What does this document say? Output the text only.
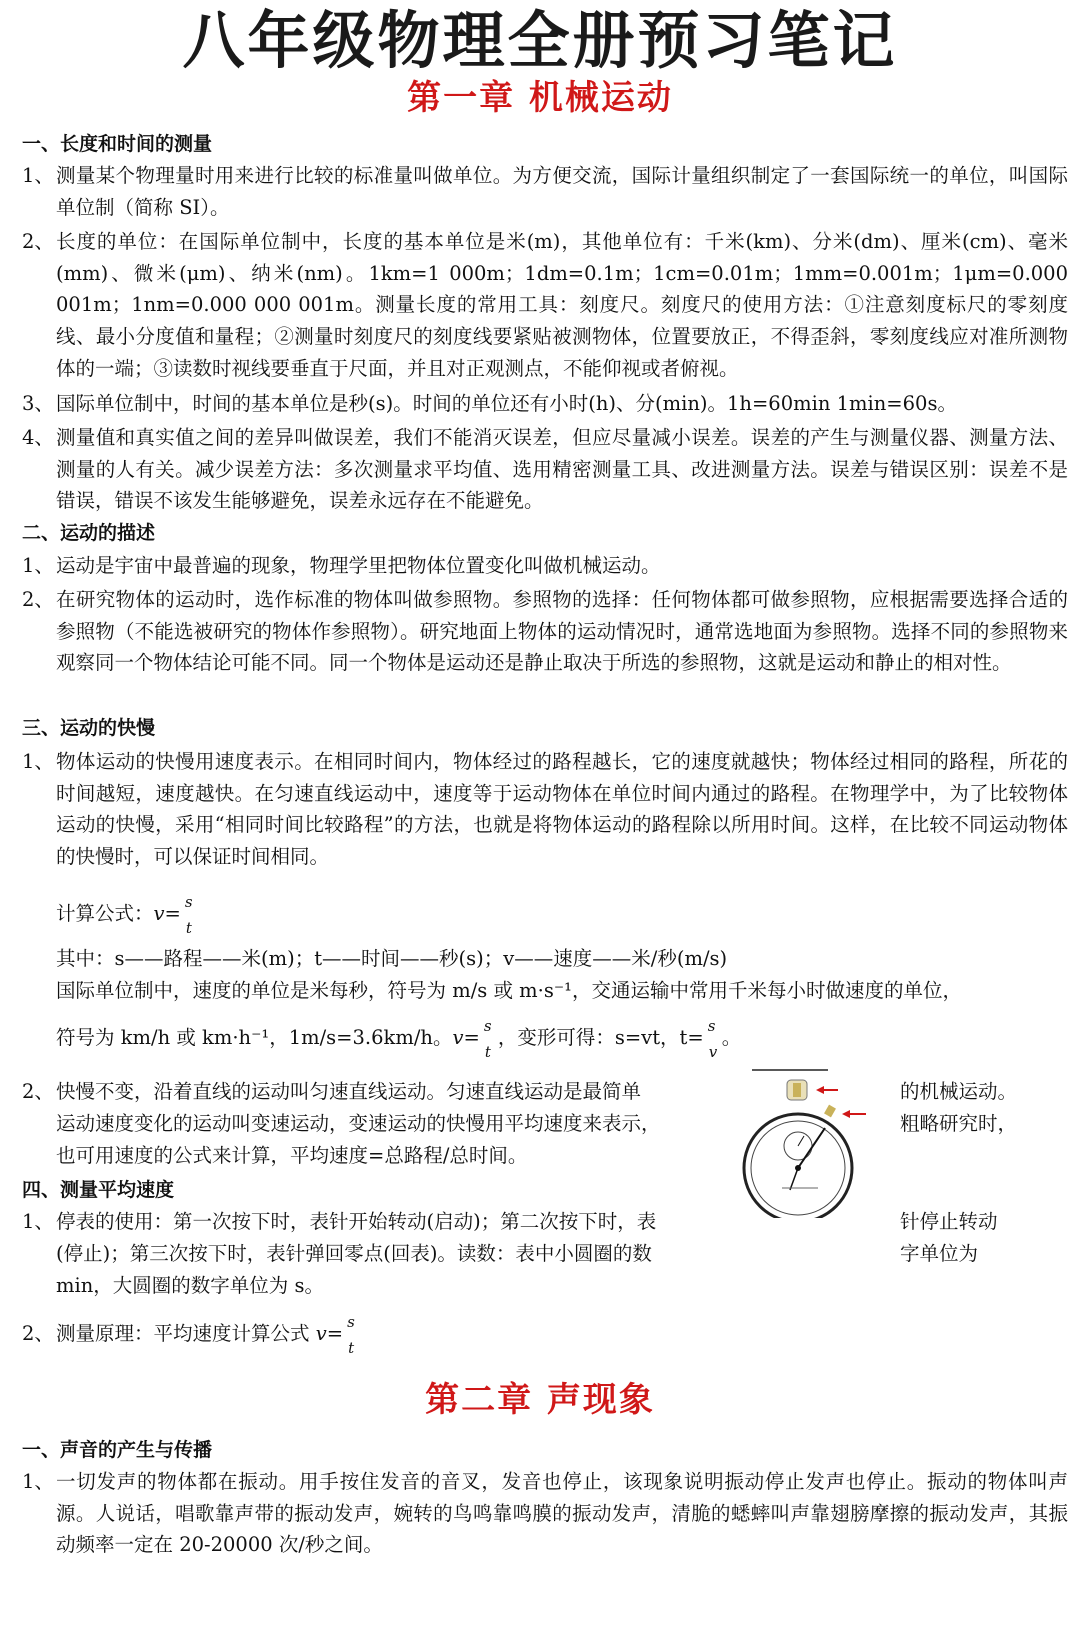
八年级物理全册预习笔记
第一章 机械运动
一、长度和时间的测量
1、 测量某个物理量时用来进行比较的标准量叫做单位。为方便交流，国际计量组织制定了一套国际统一的单位，叫国际单位制（简称 SI）。
2、 长度的单位：在国际单位制中，长度的基本单位是米(m)，其他单位有：千米(km)、分米(dm)、厘米(cm)、毫米(mm)、微米(μm)、纳米(nm)。1km=1 000m；1dm=0.1m；1cm=0.01m；1mm=0.001m；1μm=0.000 001m；1nm=0.000 000 001m。测量长度的常用工具：刻度尺。刻度尺的使用方法：①注意刻度标尺的零刻度线、最小分度值和量程；②测量时刻度尺的刻度线要紧贴被测物体，位置要放正，不得歪斜，零刻度线应对准所测物体的一端；③读数时视线要垂直于尺面，并且对正观测点，不能仰视或者俯视。
3、 国际单位制中，时间的基本单位是秒(s)。时间的单位还有小时(h)、分(min)。1h=60min 1min=60s。
4、 测量值和真实值之间的差异叫做误差，我们不能消灭误差，但应尽量减小误差。误差的产生与测量仪器、测量方法、测量的人有关。减少误差方法：多次测量求平均值、选用精密测量工具、改进测量方法。误差与错误区别：误差不是错误，错误不该发生能够避免，误差永远存在不能避免。
二、运动的描述
1、 运动是宇宙中最普遍的现象，物理学里把物体位置变化叫做机械运动。
2、 在研究物体的运动时，选作标准的物体叫做参照物。参照物的选择：任何物体都可做参照物，应根据需要选择合适的参照物（不能选被研究的物体作参照物）。研究地面上物体的运动情况时，通常选地面为参照物。选择不同的参照物来观察同一个物体结论可能不同。同一个物体是运动还是静止取决于所选的参照物，这就是运动和静止的相对性。
三、运动的快慢
1、 物体运动的快慢用速度表示。在相同时间内，物体经过的路程越长，它的速度就越快；物体经过相同的路程，所花的时间越短，速度越快。在匀速直线运动中，速度等于运动物体在单位时间内通过的路程。在物理学中，为了比较物体运动的快慢，采用“相同时间比较路程”的方法，也就是将物体运动的路程除以所用时间。这样，在比较不同运动物体的快慢时，可以保证时间相同。
计算公式：v= s
t
其中：s——路程——米(m)；t——时间——秒(s)；v——速度——米/秒(m/s)
国际单位制中，速度的单位是米每秒，符号为 m/s 或 m·s⁻¹，交通运输中常用千米每小时做速度的单位，
符号为 km/h 或 km·h⁻¹，1m/s=3.6km/h。v= s
t
，变形可得：s=vt，t= s
v
。
2、 快慢不变，沿着直线的运动叫匀速直线运动。匀速直线运动是最简单
运动速度变化的运动叫变速运动，变速运动的快慢用平均速度来表示，
也可用速度的公式来计算，平均速度=总路程/总时间。
的机械运动。
粗略研究时，
四、测量平均速度
1、 停表的使用：第一次按下时，表针开始转动(启动)；第二次按下时，表
(停止)；第三次按下时，表针弹回零点(回表)。读数：表中小圆圈的数
min，大圆圈的数字单位为 s。
针停止转动
字单位为
2、 测量原理：平均速度计算公式 v= s
t
第二章 声现象
一、声音的产生与传播
1、 一切发声的物体都在振动。用手按住发音的音叉，发音也停止，该现象说明振动停止发声也停止。振动的物体叫声源。人说话，唱歌靠声带的振动发声，婉转的鸟鸣靠鸣膜的振动发声，清脆的蟋蟀叫声靠翅膀摩擦的振动发声，其振动频率一定在 20-20000 次/秒之间。
